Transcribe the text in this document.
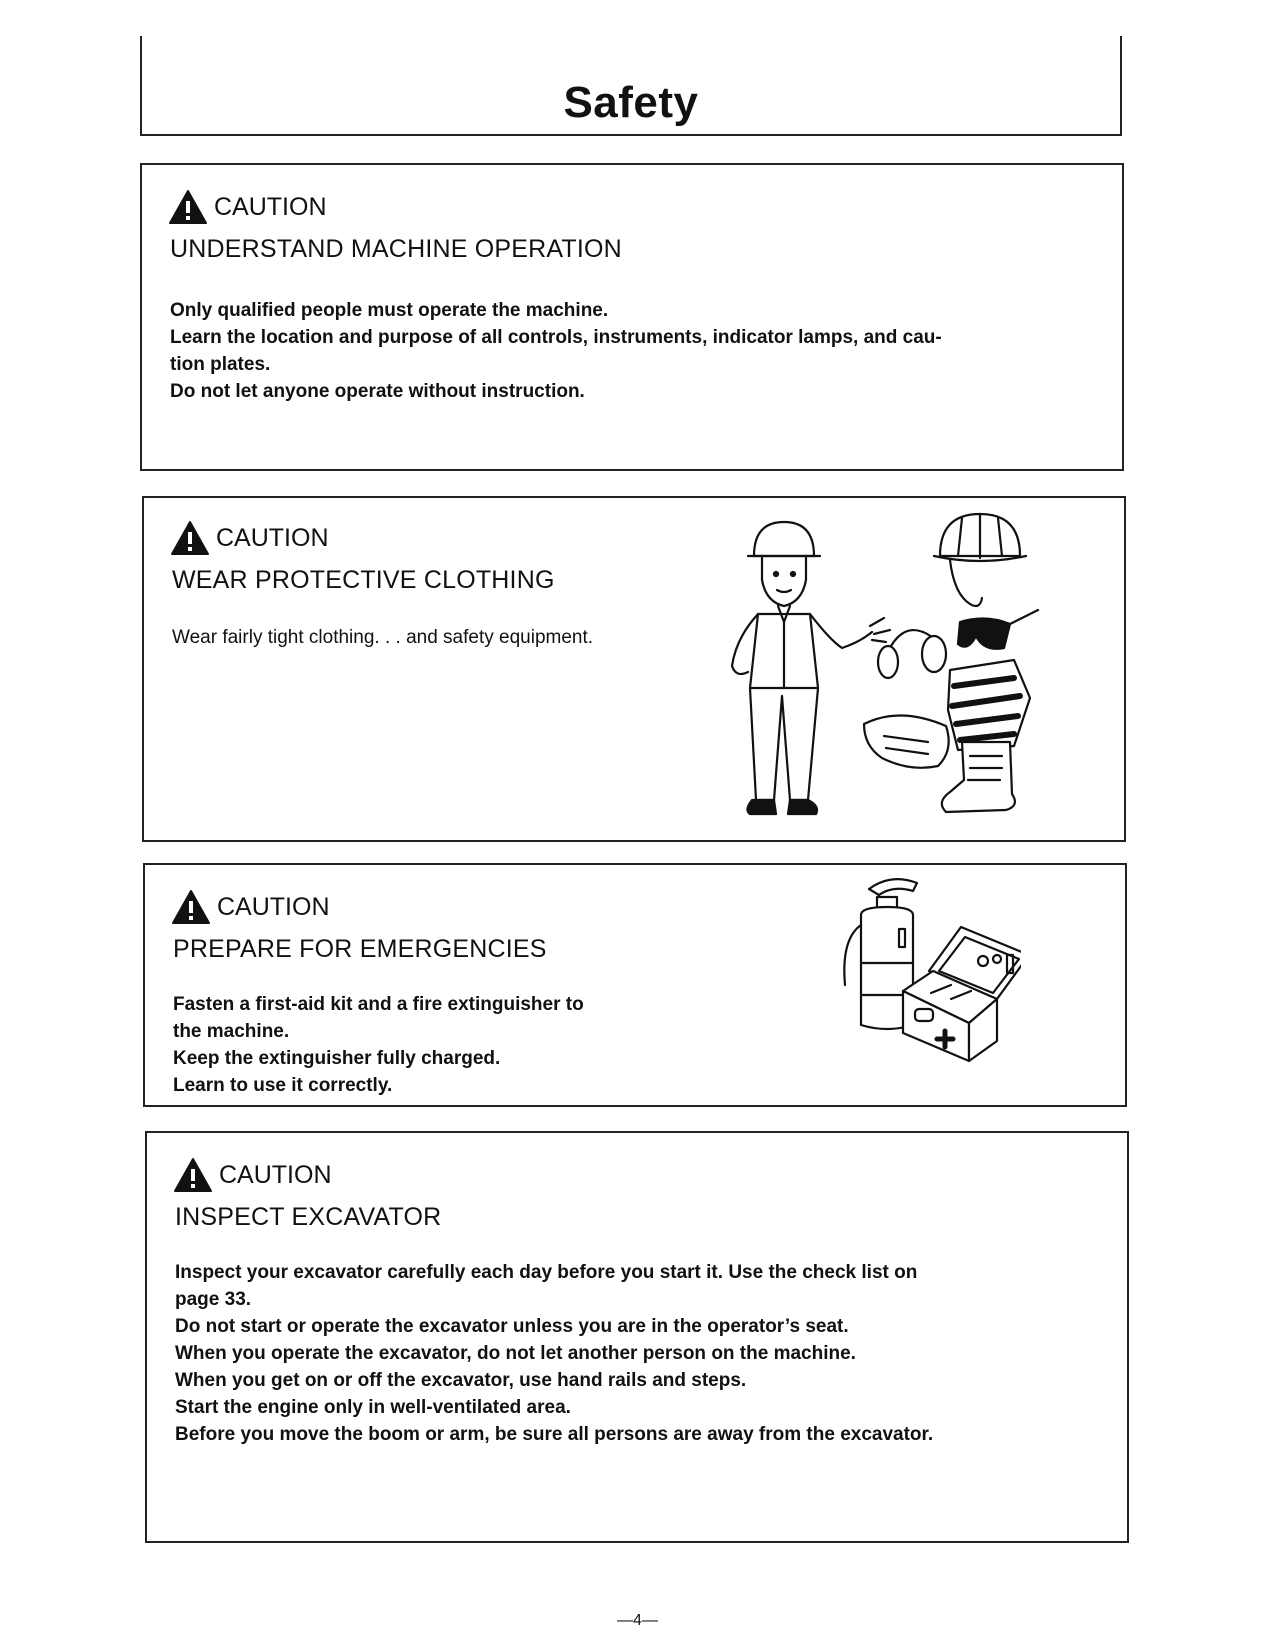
Safety
CAUTION
UNDERSTAND MACHINE OPERATION

Only qualified people must operate the machine.

Learn the location and purpose of all controls, instruments, indicator lamps, and cau-

tion plates.

Do not let anyone operate without instruction.

CAUTION
WEAR PROTECTIVE CLOTHING

Wear fairly tight clothing. . . and safety equipment.

CAUTION
PREPARE FOR EMERGENCIES

Fasten a first-aid kit and a fire extinguisher to

the machine.

Keep the extinguisher fully charged.

Learn to use it correctly.

CAUTION
INSPECT EXCAVATOR

Inspect your excavator carefully each day before you start it. Use the check list on

page 33.

Do not start or operate the excavator unless you are in the operator’s seat.

When you operate the excavator, do not let another person on the machine.

When you get on or off the excavator, use hand rails and steps.

Start the engine only in well-ventilated area.

Before you move the boom or arm, be sure all persons are away from the excavator.

—4—
